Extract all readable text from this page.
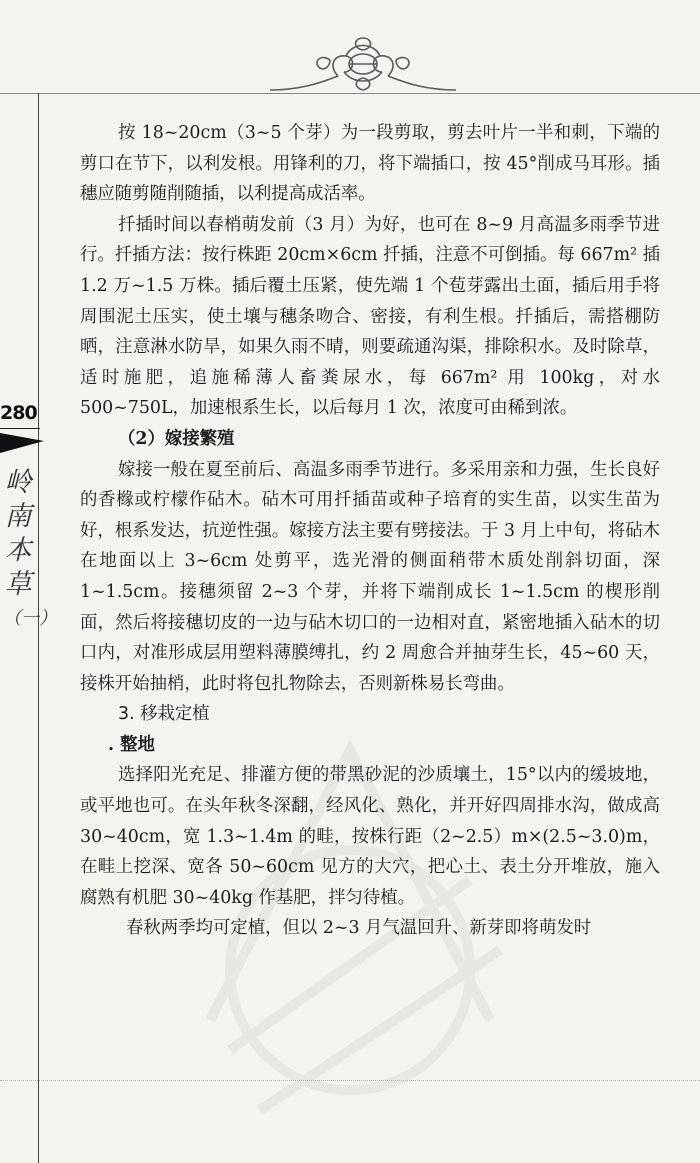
280
岭
南
本
草
（一）

按 18~20cm（3~5 个芽）为一段剪取，剪去叶片一半和刺，下端的剪口在节下，以利发根。用锋利的刀，将下端插口，按 45°削成马耳形。插穗应随剪随削随插，以利提高成活率。

扦插时间以春梢萌发前（3 月）为好，也可在 8~9 月高温多雨季节进行。扦插方法：按行株距 20cm×6cm 扦插，注意不可倒插。每 667m² 插 1.2 万~1.5 万株。插后覆土压紧，使先端 1 个苞芽露出土面，插后用手将周围泥土压实，使土壤与穗条吻合、密接，有利生根。扦插后，需搭棚防晒，注意淋水防旱，如果久雨不晴，则要疏通沟渠，排除积水。及时除草，适时施肥，追施稀薄人畜粪尿水，每 667m² 用 100kg，对水 500~750L，加速根系生长，以后每月 1 次，浓度可由稀到浓。

（2）嫁接繁殖

嫁接一般在夏至前后、高温多雨季节进行。多采用亲和力强，生长良好的香橼或柠檬作砧木。砧木可用扦插苗或种子培育的实生苗，以实生苗为好，根系发达，抗逆性强。嫁接方法主要有劈接法。于 3 月上中旬，将砧木在地面以上 3~6cm 处剪平，选光滑的侧面稍带木质处削斜切面，深 1~1.5cm。接穗须留 2~3 个芽，并将下端削成长 1~1.5cm 的楔形削面，然后将接穗切皮的一边与砧木切口的一边相对直，紧密地插入砧木的切口内，对准形成层用塑料薄膜缚扎，约 2 周愈合并抽芽生长，45~60 天，接株开始抽梢，此时将包扎物除去，否则新株易长弯曲。

3. 移栽定植

. 整地

选择阳光充足、排灌方便的带黑砂泥的沙质壤土，15°以内的缓坡地，或平地也可。在头年秋冬深翻，经风化、熟化，并开好四周排水沟，做成高 30~40cm，宽 1.3~1.4m 的畦，按株行距（2~2.5）m×(2.5~3.0)m，在畦上挖深、宽各 50~60cm 见方的大穴，把心土、表土分开堆放，施入腐熟有机肥 30~40kg 作基肥，拌匀待植。

春秋两季均可定植，但以 2~3 月气温回升、新芽即将萌发时
